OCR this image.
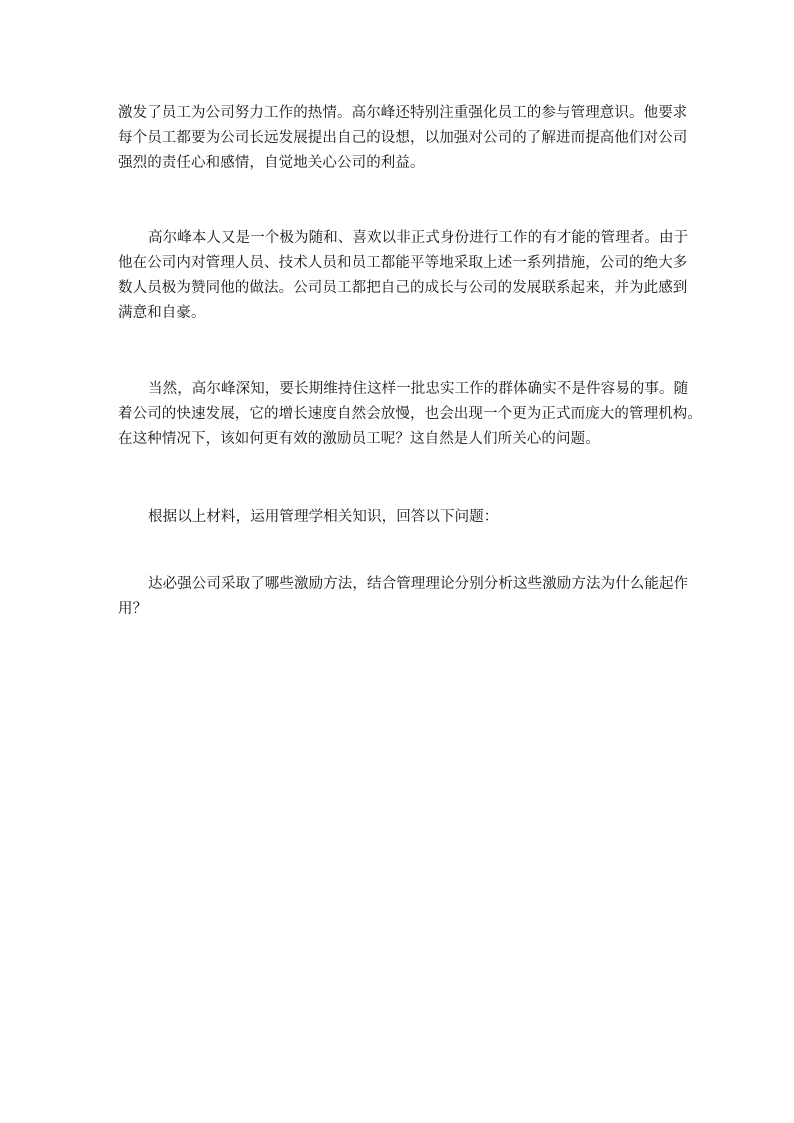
激发了员工为公司努力工作的热情。高尔峰还特别注重强化员工的参与管理意识。他要求
每个员工都要为公司长远发展提出自己的设想，以加强对公司的了解进而提高他们对公司
强烈的责任心和感情，自觉地关心公司的利益。
高尔峰本人又是一个极为随和、喜欢以非正式身份进行工作的有才能的管理者。由于
他在公司内对管理人员、技术人员和员工都能平等地采取上述一系列措施，公司的绝大多
数人员极为赞同他的做法。公司员工都把自己的成长与公司的发展联系起来，并为此感到
满意和自豪。
当然，高尔峰深知，要长期维持住这样一批忠实工作的群体确实不是件容易的事。随
着公司的快速发展，它的增长速度自然会放慢，也会出现一个更为正式而庞大的管理机构。
在这种情况下，该如何更有效的激励员工呢？这自然是人们所关心的问题。
根据以上材料，运用管理学相关知识，回答以下问题：
达必强公司采取了哪些激励方法，结合管理理论分别分析这些激励方法为什么能起作
用？
